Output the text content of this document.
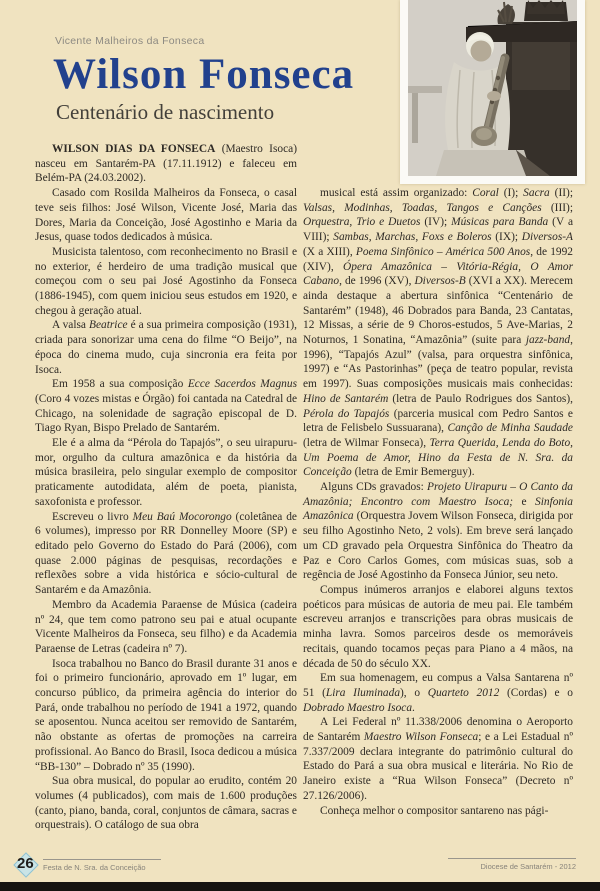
Vicente Malheiros da Fonseca
Wilson Fonseca
Centenário de nascimento

WILSON DIAS DA FONSECA (Maestro Isoca) nasceu em Santarém-PA (17.11.1912) e faleceu em Belém-PA (24.03.2002).

Casado com Rosilda Malheiros da Fonseca, o casal teve seis filhos: José Wilson, Vicente José, Maria das Dores, Maria da Conceição, José Agostinho e Maria da Jesus, quase todos dedicados à música.

Musicista talentoso, com reconhecimento no Brasil e no exterior, é herdeiro de uma tradição musical que começou com o seu pai José Agostinho da Fonseca (1886-1945), com quem iniciou seus estudos em 1920, e chegou à geração atual.

A valsa Beatrice é a sua primeira composição (1931), criada para sonorizar uma cena do filme “O Beijo”, na época do cinema mudo, cuja sincronia era feita por Isoca.

Em 1958 a sua composição Ecce Sacerdos Magnus (Coro 4 vozes mistas e Órgão) foi cantada na Catedral de Chicago, na solenidade de sagração episcopal de D. Tiago Ryan, Bispo Prelado de Santarém.

Ele é a alma da “Pérola do Tapajós”, o seu uirapuru-mor, orgulho da cultura amazônica e da história da música brasileira, pelo singular exemplo de compositor praticamente autodidata, além de poeta, pianista, saxofonista e professor.

Escreveu o livro Meu Baú Mocorongo (coletânea de 6 volumes), impresso por RR Donnelley Moore (SP) e editado pelo Governo do Estado do Pará (2006), com quase 2.000 páginas de pesquisas, recordações e reflexões sobre a vida histórica e sócio-cultural de Santarém e da Amazônia.

Membro da Academia Paraense de Música (cadeira nº 24, que tem como patrono seu pai e atual ocupante Vicente Malheiros da Fonseca, seu filho) e da Academia Paraense de Letras (cadeira nº 7).

Isoca trabalhou no Banco do Brasil durante 31 anos e foi o primeiro funcionário, aprovado em 1º lugar, em concurso público, da primeira agência do interior do Pará, onde trabalhou no período de 1941 a 1972, quando se aposentou. Nunca aceitou ser removido de Santarém, não obstante as ofertas de promoções na carreira profissional. Ao Banco do Brasil, Isoca dedicou a música “BB-130” – Dobrado nº 35 (1990).

Sua obra musical, do popular ao erudito, contém 20 volumes (4 publicados), com mais de 1.600 produções (canto, piano, banda, coral, conjuntos de câmara, sacras e orquestrais). O catálogo de sua obra

musical está assim organizado: Coral (I); Sacra (II); Valsas, Modinhas, Toadas, Tangos e Canções (III); Orquestra, Trio e Duetos (IV); Músicas para Banda (V a VIII); Sambas, Marchas, Foxs e Boleros (IX); Diversos-A (X a XIII), Poema Sinfônico – América 500 Anos, de 1992 (XIV), Ópera Amazônica – Vitória-Régia, O Amor Cabano, de 1996 (XV), Diversos-B (XVI a XX). Merecem ainda destaque a abertura sinfônica “Centenário de Santarém” (1948), 46 Dobrados para Banda, 23 Cantatas, 12 Missas, a série de 9 Choros-estudos, 5 Ave-Marias, 2 Noturnos, 1 Sonatina, “Amazônia” (suite para jazz-band, 1996), “Tapajós Azul” (valsa, para orquestra sinfônica, 1997) e “As Pastorinhas” (peça de teatro popular, revista em 1997). Suas composições musicais mais conhecidas: Hino de Santarém (letra de Paulo Rodrigues dos Santos), Pérola do Tapajós (parceria musical com Pedro Santos e letra de Felisbelo Sussuarana), Canção de Minha Saudade (letra de Wilmar Fonseca), Terra Querida, Lenda do Boto, Um Poema de Amor, Hino da Festa de N. Sra. da Conceição (letra de Emir Bemerguy).

Alguns CDs gravados: Projeto Uirapuru – O Canto da Amazônia; Encontro com Maestro Isoca; e Sinfonia Amazônica (Orquestra Jovem Wilson Fonseca, dirigida por seu filho Agostinho Neto, 2 vols). Em breve será lançado um CD gravado pela Orquestra Sinfônica do Theatro da Paz e Coro Carlos Gomes, com músicas suas, sob a regência de José Agostinho da Fonseca Júnior, seu neto.

Compus inúmeros arranjos e elaborei alguns textos poéticos para músicas de autoria de meu pai. Ele também escreveu arranjos e transcrições para obras musicais de minha lavra. Somos parceiros desde os memoráveis recitais, quando tocamos peças para Piano a 4 mãos, na década de 50 do século XX.

Em sua homenagem, eu compus a Valsa Santarena nº 51 (Lira Iluminada), o Quarteto 2012 (Cordas) e o Dobrado Maestro Isoca.

A Lei Federal nº 11.338/2006 denomina o Aeroporto de Santarém Maestro Wilson Fonseca; e a Lei Estadual nº 7.337/2009 declara integrante do patrimônio cultural do Estado do Pará a sua obra musical e literária. No Rio de Janeiro existe a “Rua Wilson Fonseca” (Decreto nº 27.126/2006).

Conheça melhor o compositor santareno nas pági-

26 Festa de N. Sra. da Conceição	Diocese de Santarém - 2012
